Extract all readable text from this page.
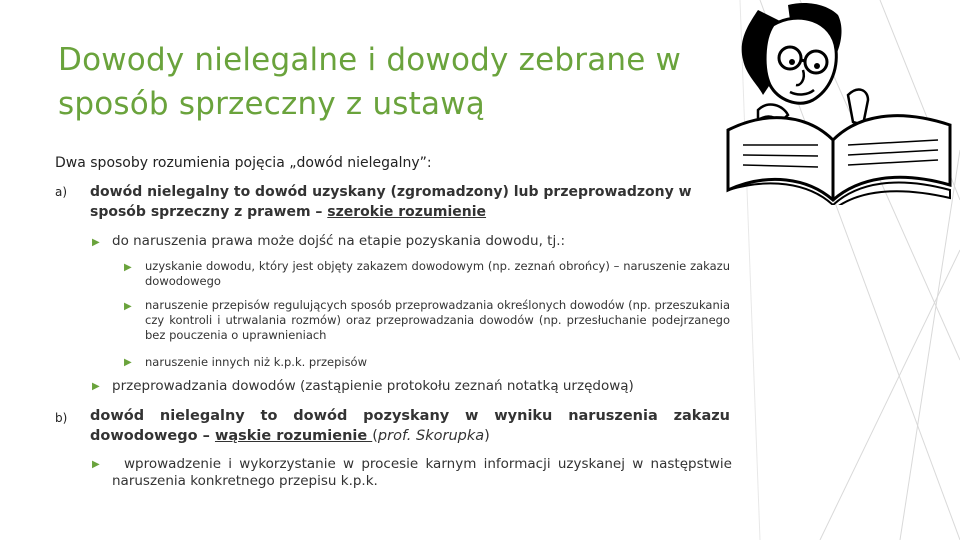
Dowody nielegalne i dowody zebrane w sposób sprzeczny z ustawą
Dwa sposoby rozumienia pojęcia „dowód nielegalny”:
a) dowód nielegalny to dowód uzyskany (zgromadzony) lub przeprowadzony w sposób sprzeczny z prawem – szerokie rozumienie
▶ do naruszenia prawa może dojść na etapie pozyskania dowodu, tj.:
▶ uzyskanie dowodu, który jest objęty zakazem dowodowym (np. zeznań obrońcy) – naruszenie zakazu dowodowego
▶ naruszenie przepisów regulujących sposób przeprowadzania określonych dowodów (np. przeszukania czy kontroli i utrwalania rozmów) oraz przeprowadzania dowodów (np. przesłuchanie podejrzanego bez pouczenia o uprawnieniach
▶ naruszenie innych niż k.p.k. przepisów
▶ przeprowadzania dowodów (zastąpienie protokołu zeznań notatką urzędową)
b) dowód nielegalny to dowód pozyskany w wyniku naruszenia zakazu dowodowego – wąskie rozumienie (prof. Skorupka)
▶	wprowadzenie i wykorzystanie w procesie karnym informacji uzyskanej w następstwie naruszenia konkretnego przepisu k.p.k.
